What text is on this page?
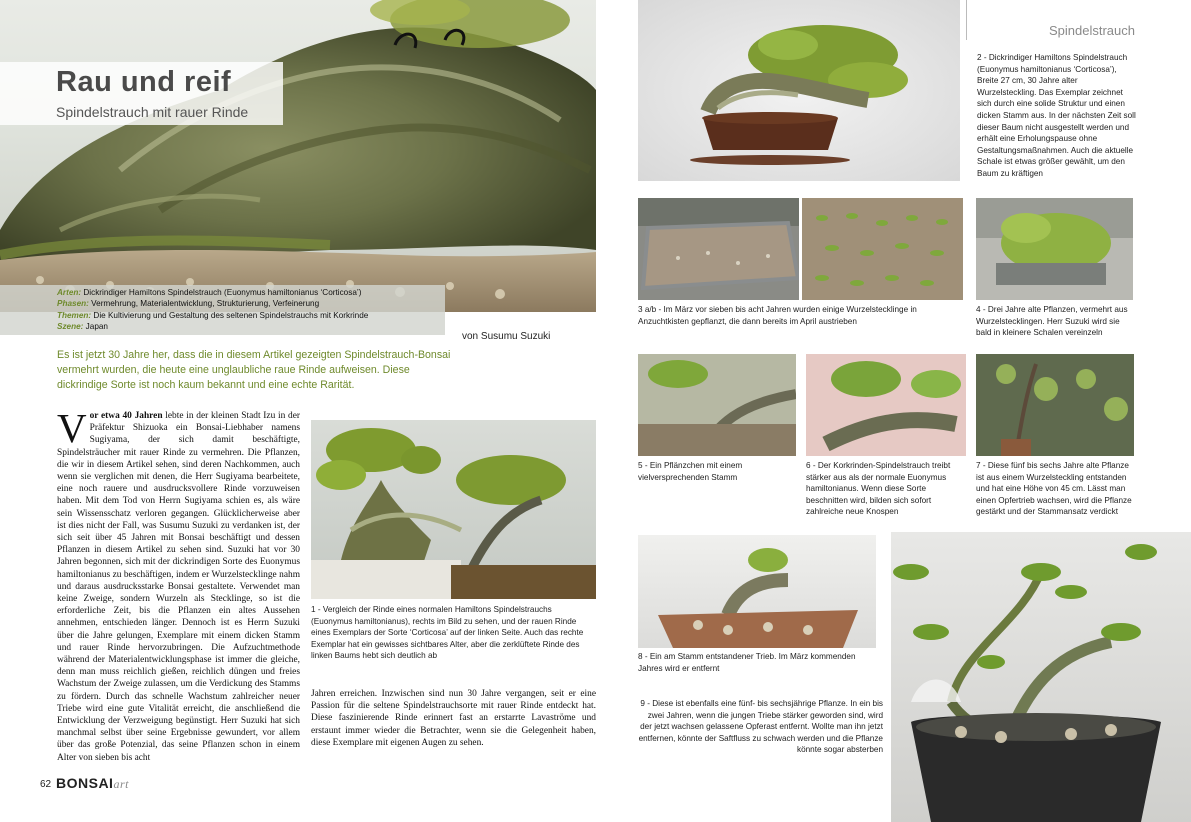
Rau und reif
Spindelstrauch mit rauer Rinde
Arten: Dickrindiger Hamiltons Spindelstrauch (Euonymus hamiltonianus ‘Corticosa’)
Phasen: Vermehrung, Materialentwicklung, Strukturierung, Verfeinerung
Themen: Die Kultivierung und Gestaltung des seltenen Spindelstrauchs mit Korkrinde
Szene: Japan
von Susumu Suzuki
Es ist jetzt 30 Jahre her, dass die in diesem Artikel gezeigten Spindelstrauch-Bonsai vermehrt wurden, die heute eine unglaubliche raue Rinde aufweisen. Diese dickrindige Sorte ist noch kaum bekannt und eine echte Rarität.
Vor etwa 40 Jahren lebte in der kleinen Stadt Izu in der Präfektur Shizuoka ein Bonsai-Liebhaber namens Sugiyama, der sich damit beschäftigte, Spindelsträucher mit rauer Rinde zu vermehren. Die Pflanzen, die wir in diesem Artikel sehen, sind deren Nachkommen, auch wenn sie verglichen mit denen, die Herr Sugiyama bearbeitete, eine noch rauere und ausdrucksvollere Rinde vorzuweisen haben. Mit dem Tod von Herrn Sugiyama schien es, als wäre sein Wissensschatz verloren gegangen. Glücklicherweise aber ist dies nicht der Fall, was Susumu Suzuki zu verdanken ist, der sich seit über 45 Jahren mit Bonsai beschäftigt und dessen Pflanzen in diesem Artikel zu sehen sind. Suzuki hat vor 30 Jahren begonnen, sich mit der dickrindigen Sorte des Euonymus hamiltonianus zu beschäftigen, indem er Wurzelstecklinge nahm und daraus ausdrucksstarke Bonsai gestaltete. Verwendet man keine Zweige, sondern Wurzeln als Stecklinge, so ist die erforderliche Zeit, bis die Pflanzen ein altes Aussehen annehmen, entschieden länger. Dennoch ist es Herrn Suzuki über die Jahre gelungen, Exemplare mit einem dicken Stamm und rauer Rinde hervorzubringen. Die Aufzuchtmethode während der Materialentwicklungsphase ist immer die gleiche, denn man muss reichlich gießen, reichlich düngen und freies Wachstum der Zweige zulassen, um die Verdickung des Stamms zu fördern. Durch das schnelle Wachstum zahlreicher neuer Triebe wird eine gute Vitalität erreicht, die anschließend die Entwicklung der Verzweigung begünstigt. Herr Suzuki hat sich manchmal selbst über seine Ergebnisse gewundert, vor allem über das große Potenzial, das seine Pflanzen schon in einem Alter von sieben bis acht
1 - Vergleich der Rinde eines normalen Hamiltons Spindelstrauchs (Euonymus hamiltonianus), rechts im Bild zu sehen, und der rauen Rinde eines Exemplars der Sorte ‘Corticosa’ auf der linken Seite. Auch das rechte Exemplar hat ein gewisses sichtbares Alter, aber die zerklüftete Rinde des linken Baums hebt sich deutlich ab
Jahren erreichen. Inzwischen sind nun 30 Jahre vergangen, seit er eine Passion für die seltene Spindelstrauchsorte mit rauer Rinde entdeckt hat. Diese faszinierende Rinde erinnert fast an erstarrte Lavaströme und erstaunt immer wieder die Betrachter, wenn sie die Gelegenheit haben, diese Exemplare mit eigenen Augen zu sehen.
62 BONSAIart
Spindelstrauch
2 - Dickrindiger Hamiltons Spindelstrauch (Euonymus hamiltonianus ‘Corticosa’), Breite 27 cm, 30 Jahre alter Wurzelsteckling. Das Exemplar zeichnet sich durch eine solide Struktur und einen dicken Stamm aus. In der nächsten Zeit soll dieser Baum nicht ausgestellt werden und erhält eine Erholungspause ohne Gestaltungsmaßnahmen. Auch die aktuelle Schale ist etwas größer gewählt, um den Baum zu kräftigen
3 a/b - Im März vor sieben bis acht Jahren wurden einige Wurzelstecklinge in Anzuchtkisten gepflanzt, die dann bereits im April austrieben
4 - Drei Jahre alte Pflanzen, vermehrt aus Wurzelstecklingen. Herr Suzuki wird sie bald in kleinere Schalen vereinzeln
5 - Ein Pflänzchen mit einem vielversprechenden Stamm
6 - Der Korkrinden-Spindelstrauch treibt stärker aus als der normale Euonymus hamiltonianus. Wenn diese Sorte beschnitten wird, bilden sich sofort zahlreiche neue Knospen
7 - Diese fünf bis sechs Jahre alte Pflanze ist aus einem Wurzelsteckling entstanden und hat eine Höhe von 45 cm. Lässt man einen Opfertrieb wachsen, wird die Pflanze gestärkt und der Stammansatz verdickt
8 - Ein am Stamm entstandener Trieb. Im März kommenden Jahres wird er entfernt
9 - Diese ist ebenfalls eine fünf- bis sechsjährige Pflanze. In ein bis zwei Jahren, wenn die jungen Triebe stärker geworden sind, wird der jetzt wachsen gelassene Opferast entfernt. Wollte man ihn jetzt entfernen, könnte der Saftfluss zu schwach werden und die Pflanze könnte sogar absterben
